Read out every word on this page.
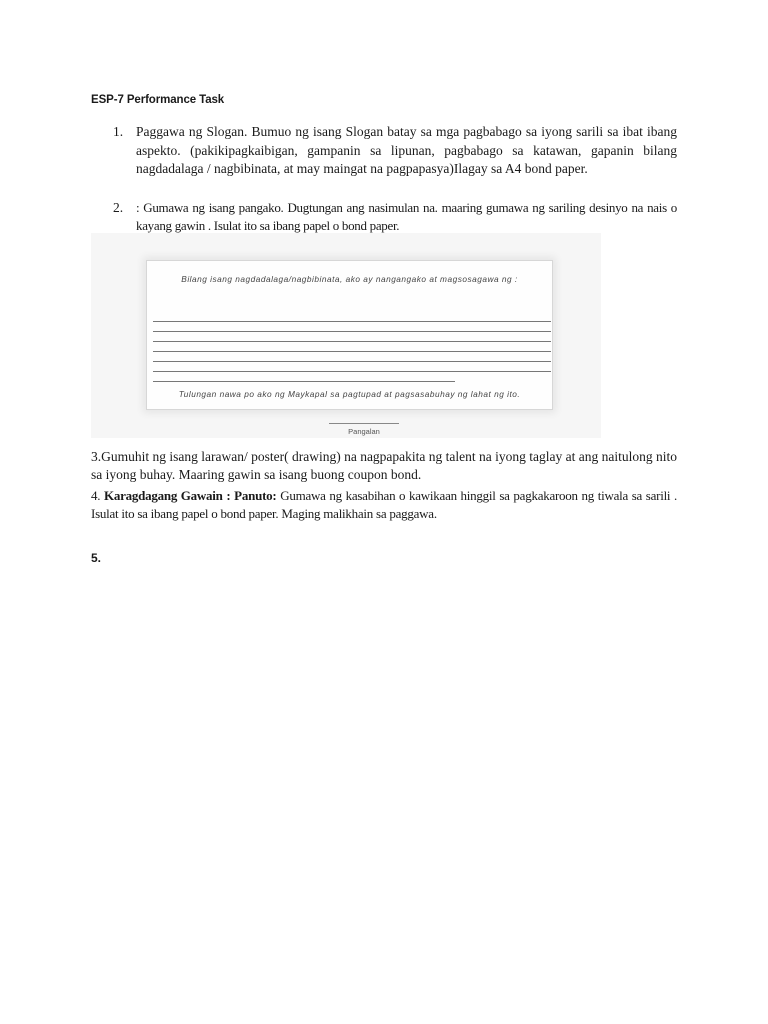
ESP-7 Performance Task
1. Paggawa ng Slogan. Bumuo ng isang Slogan batay sa mga pagbabago sa iyong sarili sa ibat ibang aspekto. (pakikipagkaibigan, gampanin sa lipunan, pagbabago sa katawan, gapanin bilang nagdadalaga / nagbibinata, at may maingat na pagpapasya)Ilagay sa A4 bond paper.
2. : Gumawa ng isang pangako. Dugtungan ang nasimulan na. maaring gumawa ng sariling desinyo na nais o kayang gawin . Isulat ito sa ibang papel o bond paper.
Bilang isang nagdadalaga/nagbibinata, ako ay nangangako at magsosagawa ng :
Tulungan nawa po ako ng Maykapal sa pagtupad at pagsasabuhay ng lahat ng ito.
Pangalan
3.Gumuhit ng isang larawan/ poster( drawing) na nagpapakita ng talent na iyong taglay at ang naitulong nito sa iyong buhay. Maaring gawin sa isang buong coupon bond.
4. Karagdagang Gawain : Panuto: Gumawa ng kasabihan o kawikaan hinggil sa pagkakaroon ng tiwala sa sarili . Isulat ito sa ibang papel o bond paper. Maging malikhain sa paggawa.
5.
